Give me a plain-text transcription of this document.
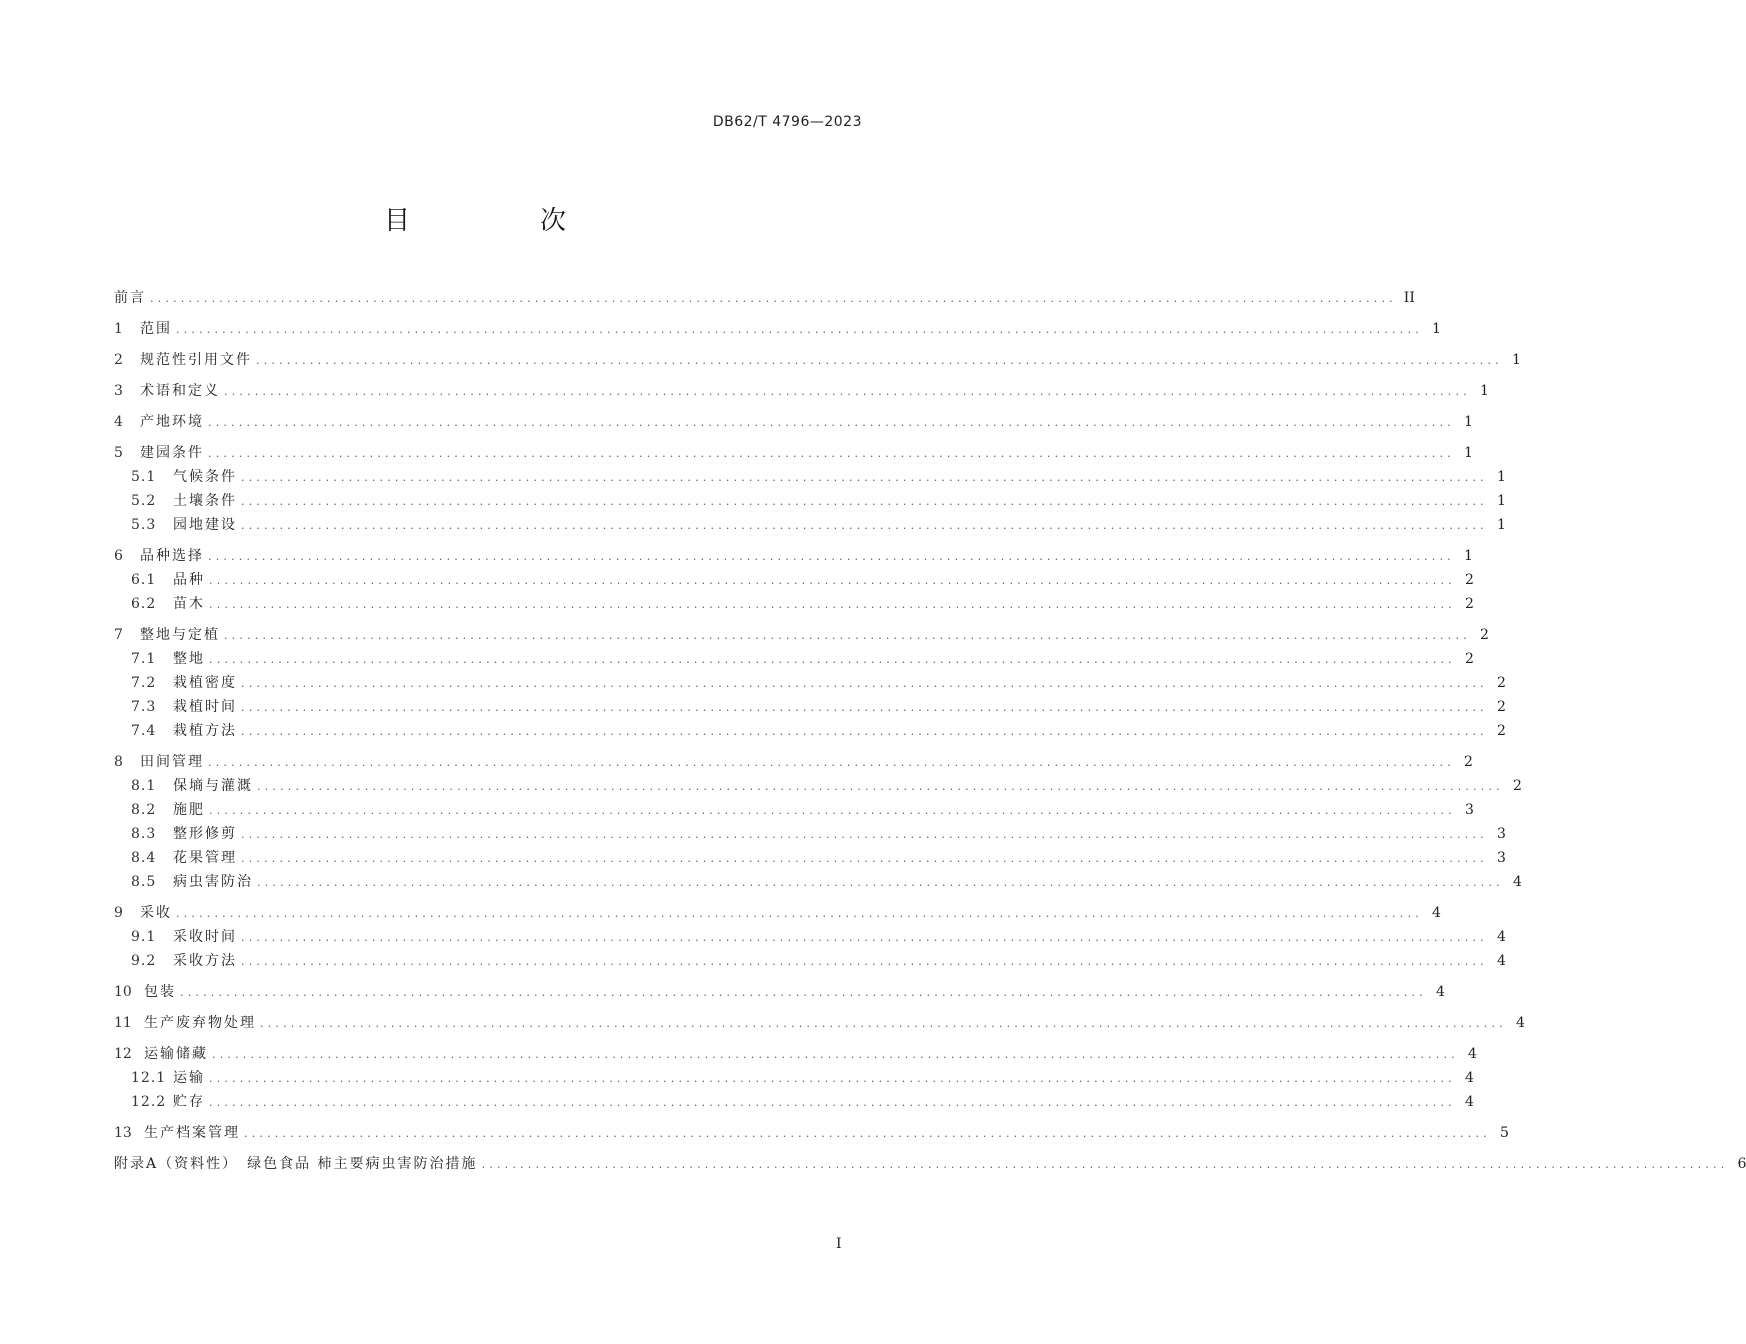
DB62/T 4796—2023
目　次
前言 .................................................................................................................................................................. II
1	范围 .................................................................................................................................................................. 1
2	规范性引用文件 .................................................................................................................................................................. 1
3	术语和定义 .................................................................................................................................................................. 1
4	产地环境 .................................................................................................................................................................. 1
5	建园条件 .................................................................................................................................................................. 1
5.1	气候条件 .................................................................................................................................................................. 1
5.2	土壤条件 .................................................................................................................................................................. 1
5.3	园地建设 .................................................................................................................................................................. 1
6	品种选择 .................................................................................................................................................................. 1
6.1	品种 .................................................................................................................................................................. 2
6.2	苗木 .................................................................................................................................................................. 2
7	整地与定植 .................................................................................................................................................................. 2
7.1	整地 .................................................................................................................................................................. 2
7.2	栽植密度 .................................................................................................................................................................. 2
7.3	栽植时间 .................................................................................................................................................................. 2
7.4	栽植方法 .................................................................................................................................................................. 2
8	田间管理 .................................................................................................................................................................. 2
8.1	保墒与灌溉 .................................................................................................................................................................. 2
8.2	施肥 .................................................................................................................................................................. 3
8.3	整形修剪 .................................................................................................................................................................. 3
8.4	花果管理 .................................................................................................................................................................. 3
8.5	病虫害防治 .................................................................................................................................................................. 4
9	采收 .................................................................................................................................................................. 4
9.1	采收时间 .................................................................................................................................................................. 4
9.2	采收方法 .................................................................................................................................................................. 4
10 包装 .................................................................................................................................................................. 4
11 生产废弃物处理 .................................................................................................................................................................. 4
12 运输储藏 .................................................................................................................................................................. 4
12.1 运输 .................................................................................................................................................................. 4
12.2 贮存 .................................................................................................................................................................. 4
13 生产档案管理 .................................................................................................................................................................. 5
附录A（资料性）　绿色食品 柿主要病虫害防治措施 .................................................................................................................................................................. 6
I
